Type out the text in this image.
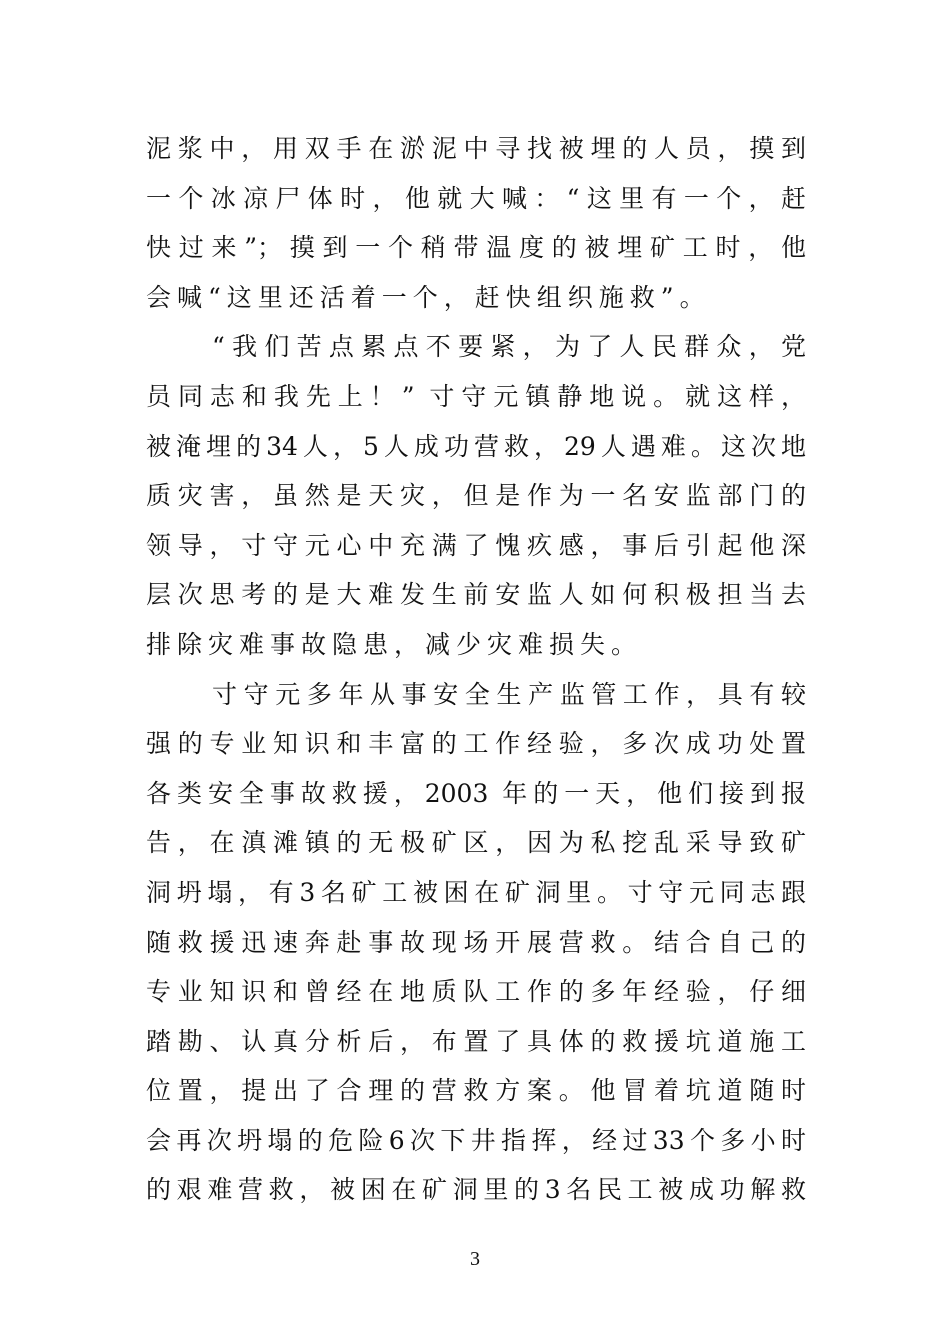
泥浆中，用双手在淤泥中寻找被埋的人员，摸到
一个冰凉尸体时，他就大喊：“这里有一个，赶
快过来”；摸到一个稍带温度的被埋矿工时，他
会喊“这里还活着一个，赶快组织施救”。
“我们苦点累点不要紧，为了人民群众，党
员同志和我先上！” 寸守元镇静地说。就这样，
被淹埋的34人，5人成功营救，29人遇难。这次地
质灾害，虽然是天灾，但是作为一名安监部门的
领导，寸守元心中充满了愧疚感，事后引起他深
层次思考的是大难发生前安监人如何积极担当去
排除灾难事故隐患，减少灾难损失。
寸守元多年从事安全生产监管工作，具有较
强的专业知识和丰富的工作经验，多次成功处置
各类安全事故救援，2003 年的一天，他们接到报
告，在滇滩镇的无极矿区，因为私挖乱采导致矿
洞坍塌，有3名矿工被困在矿洞里。寸守元同志跟
随救援迅速奔赴事故现场开展营救。结合自己的
专业知识和曾经在地质队工作的多年经验，仔细
踏勘、认真分析后，布置了具体的救援坑道施工
位置，提出了合理的营救方案。他冒着坑道随时
会再次坍塌的危险6次下井指挥，经过33个多小时
的艰难营救，被困在矿洞里的3名民工被成功解救
3
